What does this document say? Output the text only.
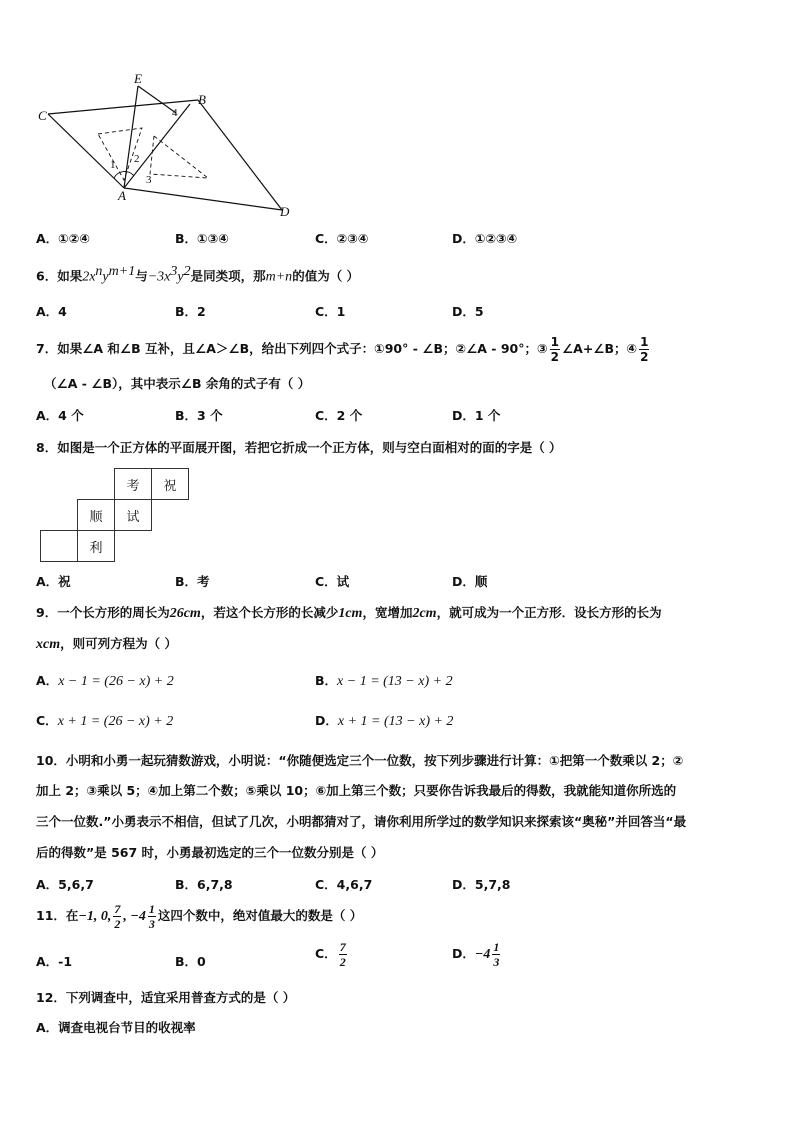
E
B
C
A
D
1 2
3
4
A．①②④	B．①③④	C．②③④	D．①②③④
6．如果$2x^ny^{m+1}$与$-3x^3y^2$是同类项，那m+n的值为（ ）
A．4	B．2	C．1	D．5
7．如果∠A 和∠B 互补，且∠A＞∠B，给出下列四个式子：①90° - ∠B；②∠A - 90°；③ $\frac{1}{2}$ ∠A+∠B；④ $\frac{1}{2}$
（∠A - ∠B），其中表示∠B 余角的式子有（ ）
A．4 个	B．3 个	C．2 个	D．1 个
8．如图是一个正方体的平面展开图，若把它折成一个正方体，则与空白面相对的面的字是（ ）
		考	祝
	顺	试	
	利		
A．祝	B．考	C．试	D．顺
9．一个长方形的周长为26cm，若这个长方形的长减少1cm，宽增加2cm，就可成为一个正方形．设长方形的长为
xcm，则可列方程为（ ）
A．x − 1 = (26 − x) + 2	B．x − 1 = (13 − x) + 2
C．x + 1 = (26 − x) + 2	D．x + 1 = (13 − x) + 2
10．小明和小勇一起玩猜数游戏，小明说：“你随便选定三个一位数，按下列步骤进行计算：①把第一个数乘以 2；②
加上 2；③乘以 5；④加上第二个数；⑤乘以 10；⑥加上第三个数；只要你告诉我最后的得数，我就能知道你所选的
三个一位数.”小勇表示不相信，但试了几次，小明都猜对了，请你利用所学过的数学知识来探索该“奥秘”并回答当“最
后的得数”是 567 时，小勇最初选定的三个一位数分别是（ ）
A．5,6,7	B．6,7,8	C．4,6,7	D．5,7,8
11．在−1, 0, $\frac{7}{2}$ , $-4 \frac{1}{3}$ 这四个数中，绝对值最大的数是（ ）
A．-1	B．0
C． $\frac{7}{2}$	D．$-4 \frac{1}{3}$
12．下列调查中，适宜采用普查方式的是（ ）
A．调查电视台节目的收视率
